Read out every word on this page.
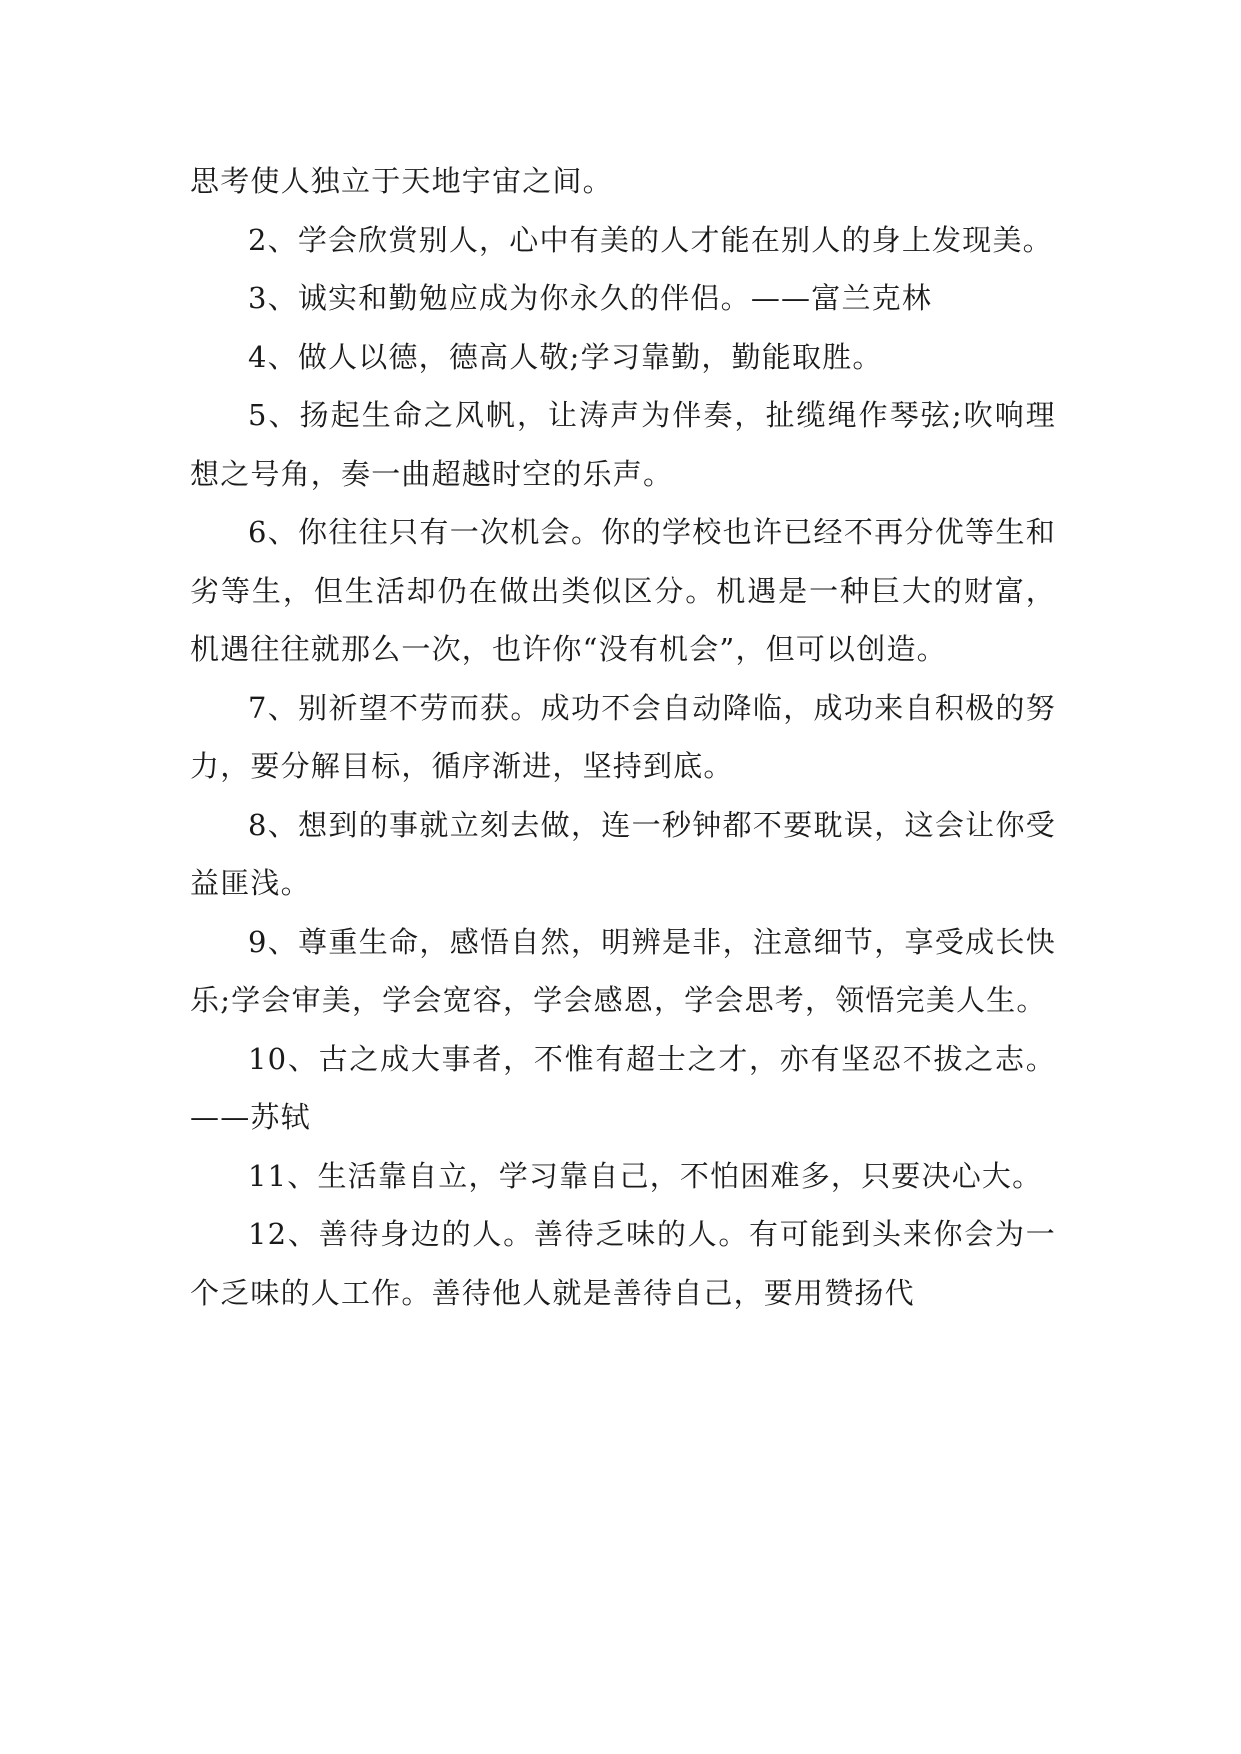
思考使人独立于天地宇宙之间。

2、学会欣赏别人，心中有美的人才能在别人的身上发现美。

3、诚实和勤勉应成为你永久的伴侣。——富兰克林

4、做人以德，德高人敬;学习靠勤，勤能取胜。

5、扬起生命之风帆，让涛声为伴奏，扯缆绳作琴弦;吹响理想之号角，奏一曲超越时空的乐声。

6、你往往只有一次机会。你的学校也许已经不再分优等生和劣等生，但生活却仍在做出类似区分。机遇是一种巨大的财富，机遇往往就那么一次，也许你“没有机会”，但可以创造。

7、别祈望不劳而获。成功不会自动降临，成功来自积极的努力，要分解目标，循序渐进，坚持到底。

8、想到的事就立刻去做，连一秒钟都不要耽误，这会让你受益匪浅。

9、尊重生命，感悟自然，明辨是非，注意细节，享受成长快乐;学会审美，学会宽容，学会感恩，学会思考，领悟完美人生。

10、古之成大事者，不惟有超士之才，亦有坚忍不拔之志。——苏轼

11、生活靠自立，学习靠自己，不怕困难多，只要决心大。

12、善待身边的人。善待乏味的人。有可能到头来你会为一个乏味的人工作。善待他人就是善待自己，要用赞扬代
